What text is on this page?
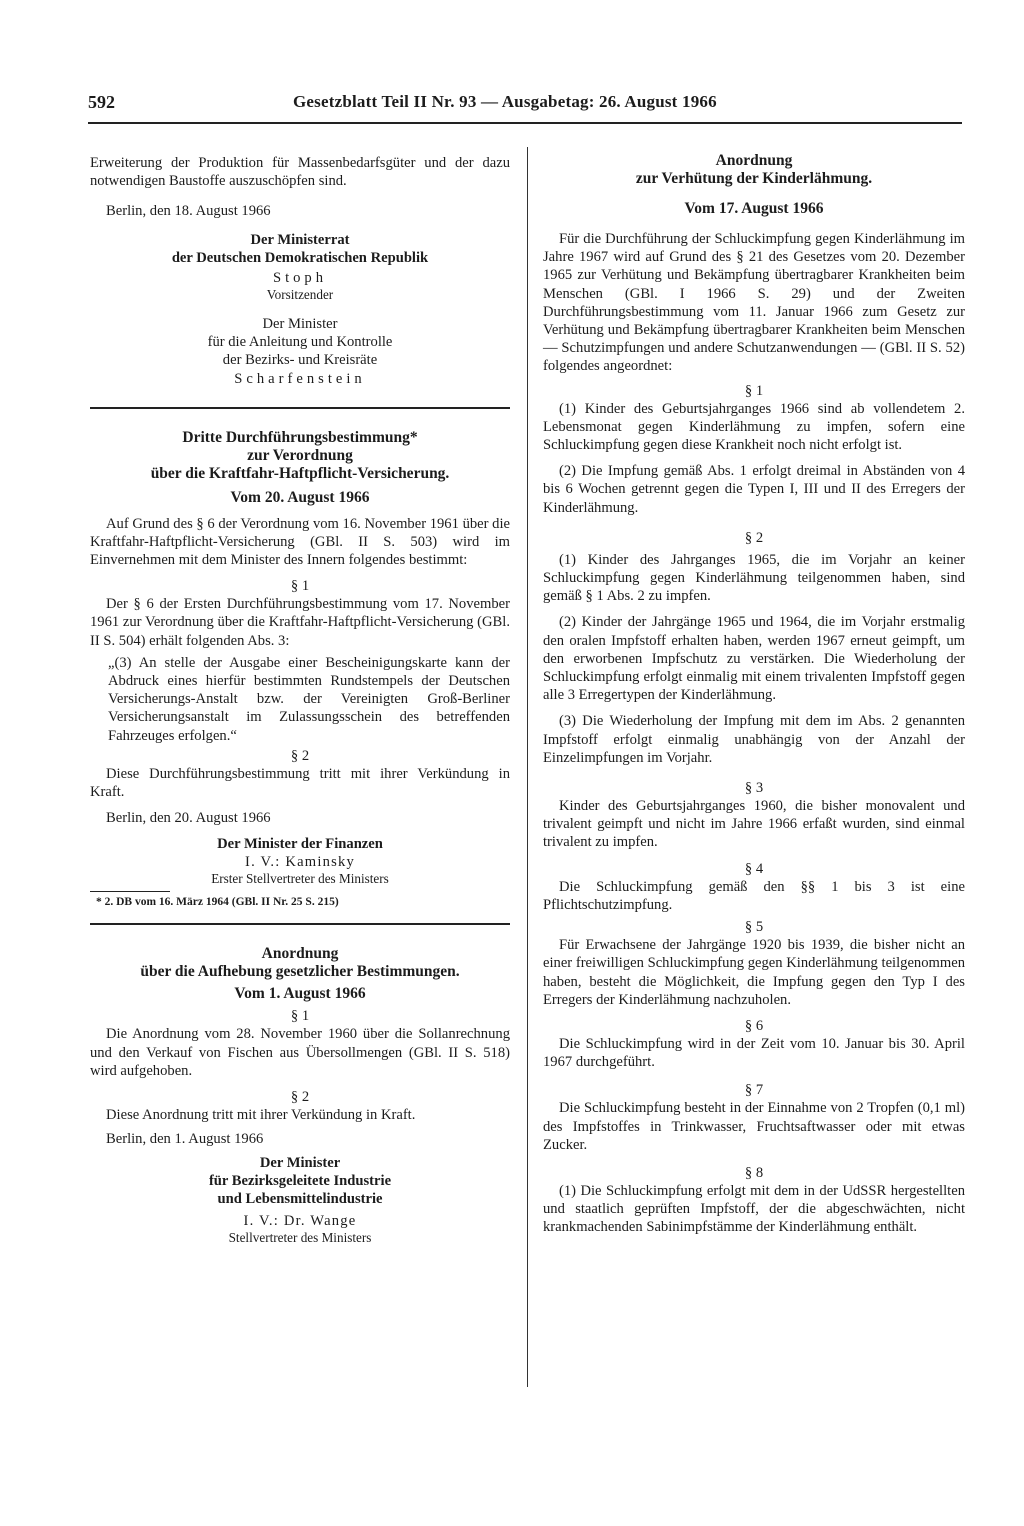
592	Gesetzblatt Teil II Nr. 93 — Ausgabetag: 26. August 1966

Erweiterung der Produktion für Massenbedarfsgüter und der dazu notwendigen Baustoffe auszuschöpfen sind.

Berlin, den 18. August 1966

Der Ministerrat

der Deutschen Demokratischen Republik

Stoph

Vorsitzender

Der Minister

für die Anleitung und Kontrolle

der Bezirks- und Kreisräte

Scharfenstein

Dritte Durchführungsbestimmung*

zur Verordnung

über die Kraftfahr-Haftpflicht-Versicherung.

Vom 20. August 1966

Auf Grund des § 6 der Verordnung vom 16. November 1961 über die Kraftfahr-Haftpflicht-Versicherung (GBl. II S. 503) wird im Einvernehmen mit dem Minister des Innern folgendes bestimmt:

§ 1

Der § 6 der Ersten Durchführungsbestimmung vom 17. November 1961 zur Verordnung über die Kraftfahr-Haftpflicht-Versicherung (GBl. II S. 504) erhält folgenden Abs. 3:

„(3) An stelle der Ausgabe einer Bescheinigungskarte kann der Abdruck eines hierfür bestimmten Rundstempels der Deutschen Versicherungs-Anstalt bzw. der Vereinigten Groß-Berliner Versicherungsanstalt im Zulassungsschein des betreffenden Fahrzeuges erfolgen.“

§ 2

Diese Durchführungsbestimmung tritt mit ihrer Verkündung in Kraft.

Berlin, den 20. August 1966

Der Minister der Finanzen

I. V.: Kaminsky

Erster Stellvertreter des Ministers

* 2. DB vom 16. März 1964 (GBl. II Nr. 25 S. 215)

Anordnung

über die Aufhebung gesetzlicher Bestimmungen.

Vom 1. August 1966

§ 1

Die Anordnung vom 28. November 1960 über die Sollanrechnung und den Verkauf von Fischen aus Übersollmengen (GBl. II S. 518) wird aufgehoben.

§ 2

Diese Anordnung tritt mit ihrer Verkündung in Kraft.

Berlin, den 1. August 1966

Der Minister

für Bezirksgeleitete Industrie

und Lebensmittelindustrie

I. V.: Dr. Wange

Stellvertreter des Ministers

Anordnung

zur Verhütung der Kinderlähmung.

Vom 17. August 1966

Für die Durchführung der Schluckimpfung gegen Kinderlähmung im Jahre 1967 wird auf Grund des § 21 des Gesetzes vom 20. Dezember 1965 zur Verhütung und Bekämpfung übertragbarer Krankheiten beim Menschen (GBl. I 1966 S. 29) und der Zweiten Durchführungsbestimmung vom 11. Januar 1966 zum Gesetz zur Verhütung und Bekämpfung übertragbarer Krankheiten beim Menschen — Schutzimpfungen und andere Schutzanwendungen — (GBl. II S. 52) folgendes angeordnet:

§ 1

(1) Kinder des Geburtsjahrganges 1966 sind ab vollendetem 2. Lebensmonat gegen Kinderlähmung zu impfen, sofern eine Schluckimpfung gegen diese Krankheit noch nicht erfolgt ist.

(2) Die Impfung gemäß Abs. 1 erfolgt dreimal in Abständen von 4 bis 6 Wochen getrennt gegen die Typen I, III und II des Erregers der Kinderlähmung.

§ 2

(1) Kinder des Jahrganges 1965, die im Vorjahr an keiner Schluckimpfung gegen Kinderlähmung teilgenommen haben, sind gemäß § 1 Abs. 2 zu impfen.

(2) Kinder der Jahrgänge 1965 und 1964, die im Vorjahr erstmalig den oralen Impfstoff erhalten haben, werden 1967 erneut geimpft, um den erworbenen Impfschutz zu verstärken. Die Wiederholung der Schluckimpfung erfolgt einmalig mit einem trivalenten Impfstoff gegen alle 3 Erregertypen der Kinderlähmung.

(3) Die Wiederholung der Impfung mit dem im Abs. 2 genannten Impfstoff erfolgt einmalig unabhängig von der Anzahl der Einzelimpfungen im Vorjahr.

§ 3

Kinder des Geburtsjahrganges 1960, die bisher monovalent und trivalent geimpft und nicht im Jahre 1966 erfaßt wurden, sind einmal trivalent zu impfen.

§ 4

Die Schluckimpfung gemäß den §§ 1 bis 3 ist eine Pflichtschutzimpfung.

§ 5

Für Erwachsene der Jahrgänge 1920 bis 1939, die bisher nicht an einer freiwilligen Schluckimpfung gegen Kinderlähmung teilgenommen haben, besteht die Möglichkeit, die Impfung gegen den Typ I des Erregers der Kinderlähmung nachzuholen.

§ 6

Die Schluckimpfung wird in der Zeit vom 10. Januar bis 30. April 1967 durchgeführt.

§ 7

Die Schluckimpfung besteht in der Einnahme von 2 Tropfen (0,1 ml) des Impfstoffes in Trinkwasser, Fruchtsaftwasser oder mit etwas Zucker.

§ 8

(1) Die Schluckimpfung erfolgt mit dem in der UdSSR hergestellten und staatlich geprüften Impfstoff, der die abgeschwächten, nicht krankmachenden Sabinimpfstämme der Kinderlähmung enthält.
